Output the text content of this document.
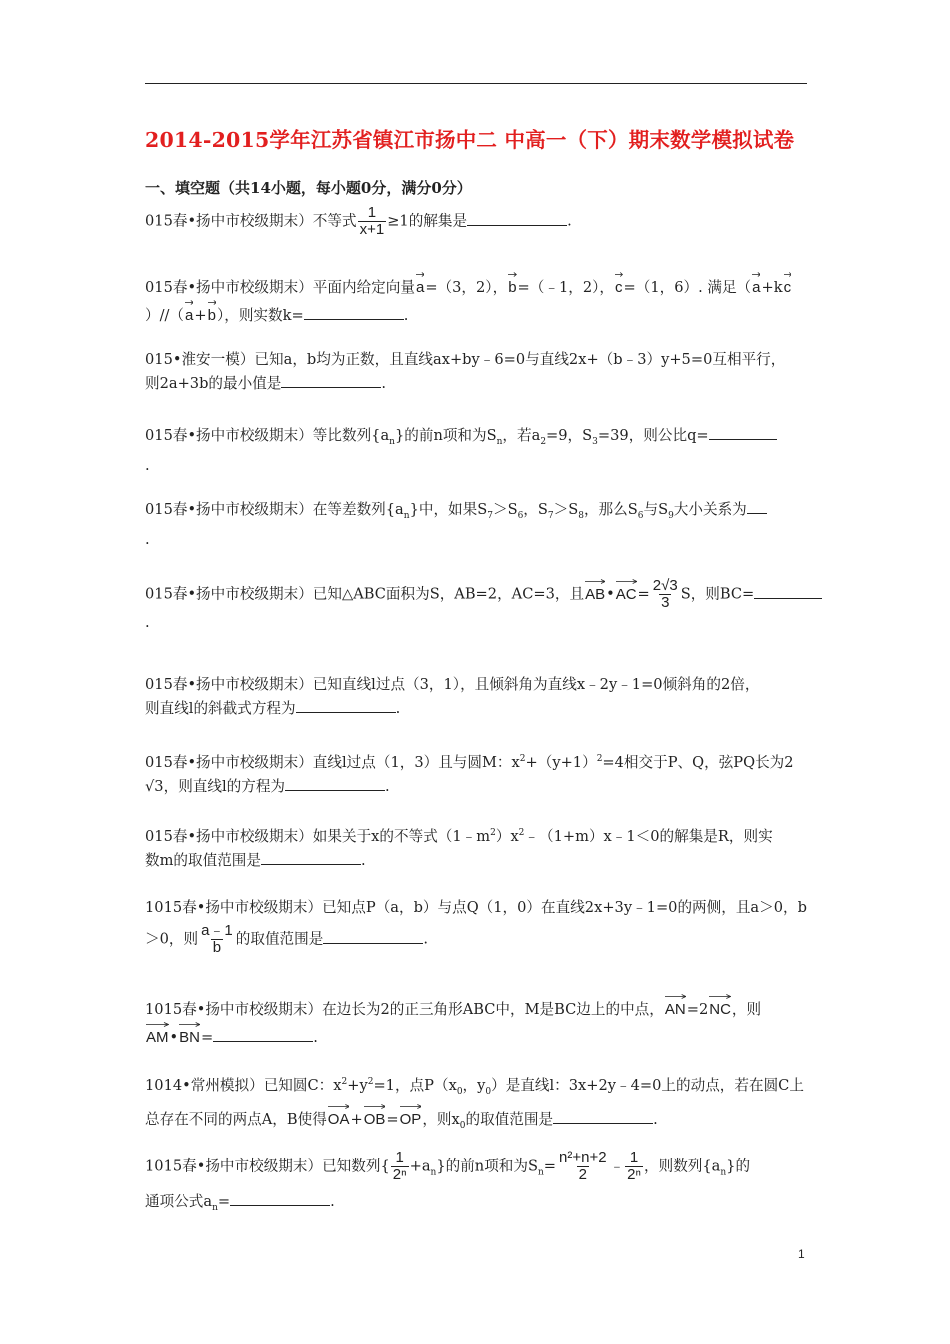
2014-2015学年江苏省镇江市扬中二 中高一（下）期末数学模拟试卷
一、填空题（共14小题，每小题0分，满分0分）
015春•扬中市校级期末）不等式 $\frac{1}{x+1} \ge 1$的解集是	.
015春•扬中市校级期末）平面内给定向量
a=（3，2），
b=（﹣1，2），
c=（1，6）. 满足（
a+k
c
）//（
a+
b），则实数k=	.
015•淮安一模）已知a，b均为正数，且直线ax+by﹣6=0与直线2x+（b﹣3）y+5=0互相平行，
则2a+3b的最小值是	.
015春•扬中市校级期末）等比数列$\{a_n\}$的前n项和为$S_n$，若$a_2=9$，$S_3=39$，则公比q=
.
015春•扬中市校级期末）在等差数列$\{a_n\}$中，如果$S_7>S_6$，$S_7>S_8$，那么$S_6$与$S_9$大小关系为
.
015春•扬中市校级期末）已知△ABC面积为S，AB=2，AC=3，且
AB•
$AC= \frac{2√3}{3}$ S，则BC=
.
015春•扬中市校级期末）已知直线l过点（3，1），且倾斜角为直线x﹣2y﹣1=0倾斜角的2倍，
则直线l的斜截式方程为	.
015春•扬中市校级期末）直线l过点（1，3）且与圆M：$x^2+(y+1)^2=4$相交于P、Q，弦PQ长为2
√3，则直线l的方程为	.
015春•扬中市校级期末）如果关于x的不等式$(1﹣m^2)x^2﹣(1+m)x﹣1<0$的解集是R，则实
数m的取值范围是	.
1015春•扬中市校级期末）已知点P（a，b）与点Q（1，0）在直线2x+3y﹣1=0的两侧，且a＞0，b
＞0，则 $\frac{a﹣1}{b}$ 的取值范围是	.
1015春•扬中市校级期末）在边长为2的正三角形ABC中，M是BC边上的中点，
AN=2
NC，则
AM•
BN=	.
1014•常州模拟）已知圆C：$x^2+y^2=1$，点$P(x_0$，$y_0$）是直线l：3x+2y﹣4=0上的动点，若在圆C上
总存在不同的两点A，B使得
OA+
OB=
OP，则$x_0$的取值范围是	.
1015春•扬中市校级期末）已知数列{ $\frac{1}{\text{2ⁿ}} +a_n$}的前n项和为$S_n= \frac{\text{n²+n+2}}{2}$ ﹣ $\frac{1}{\text{2ⁿ}}$ ，则数列$\{a_n\}$的
通项公式$a_n=$	.
1
